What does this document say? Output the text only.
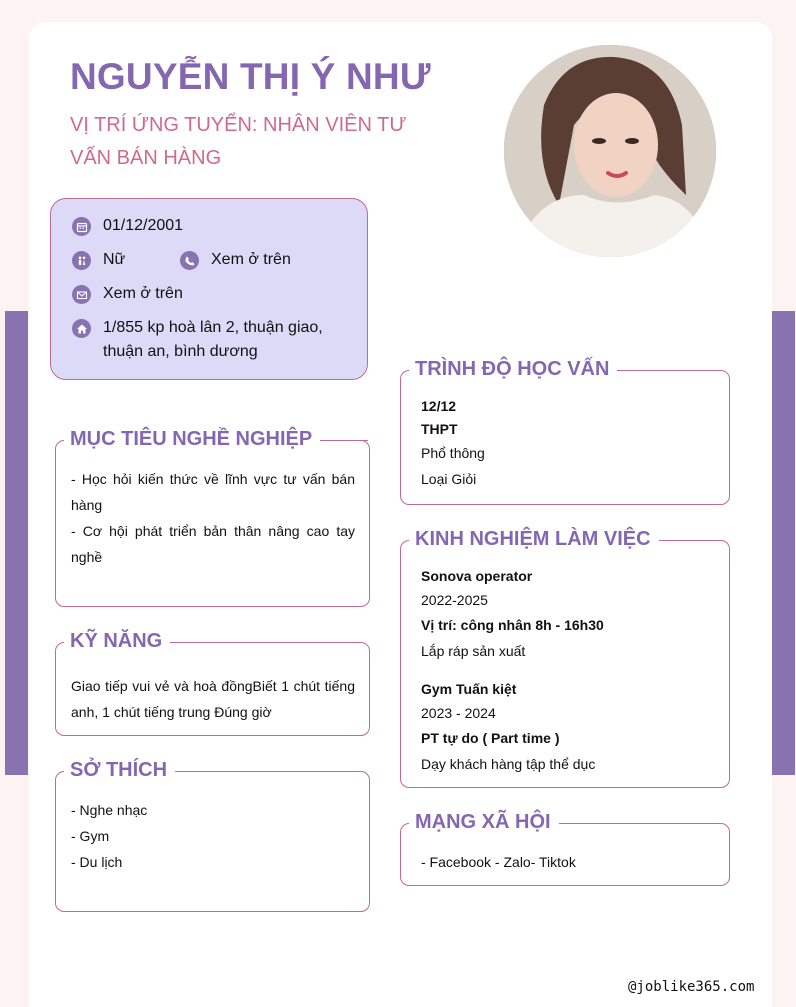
NGUYỄN THỊ Ý NHƯ
VỊ TRÍ ỨNG TUYỂN: NHÂN VIÊN TƯ VẤN BÁN HÀNG
01/12/2001
Nữ	Xem ở trên
Xem ở trên
1/855 kp hoà lân 2, thuận giao, thuận an, bình dương
MỤC TIÊU NGHỀ NGHIỆP
- Học hỏi kiến thức về lĩnh vực tư vấn bán hàng
- Cơ hội phát triển bản thân nâng cao tay nghề
KỸ NĂNG
Giao tiếp vui vẻ và hoà đồngBiết 1 chút tiếng anh, 1 chút tiếng trung Đúng giờ
SỞ THÍCH
- Nghe nhạc
- Gym
- Du lịch
TRÌNH ĐỘ HỌC VẤN
12/12
THPT
Phổ thông
Loại Giỏi
KINH NGHIỆM LÀM VIỆC
Sonova operator
2022-2025
Vị trí: công nhân 8h - 16h30
Lắp ráp sản xuất
Gym Tuấn kiệt
2023 - 2024
PT tự do ( Part time )
Dạy khách hàng tập thể dục
MẠNG XÃ HỘI
- Facebook - Zalo- Tiktok
@joblike365.com
